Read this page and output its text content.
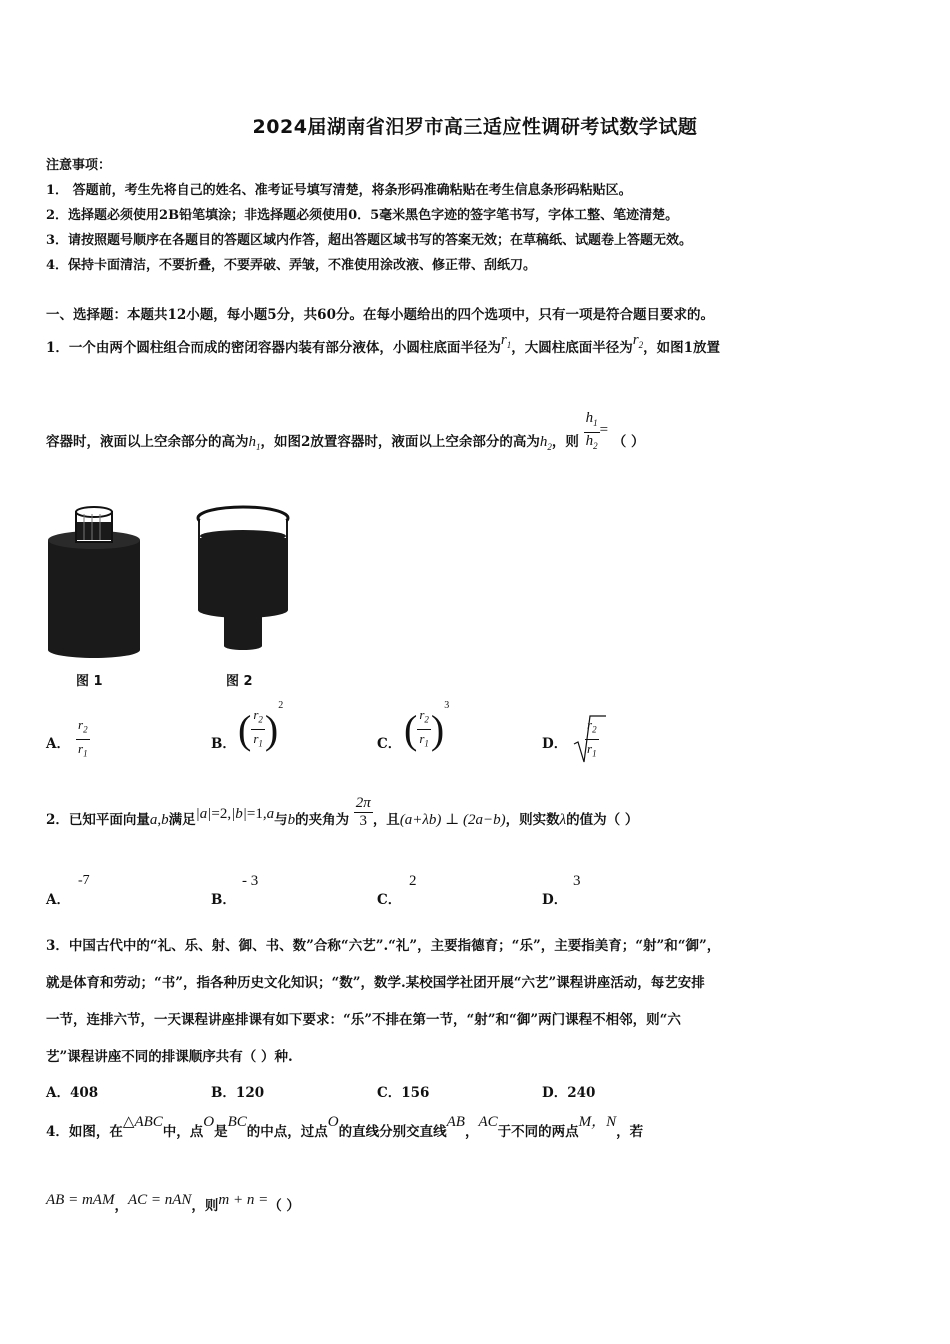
2024届湖南省汨罗市高三适应性调研考试数学试题
注意事项：
1． 答题前，考生先将自己的姓名、准考证号填写清楚，将条形码准确粘贴在考生信息条形码粘贴区。
2．选择题必须使用2B铅笔填涂；非选择题必须使用0．5毫米黑色字迹的签字笔书写，字体工整、笔迹清楚。
3．请按照题号顺序在各题目的答题区域内作答，超出答题区域书写的答案无效；在草稿纸、试题卷上答题无效。
4．保持卡面清洁，不要折叠，不要弄破、弄皱，不准使用涂改液、修正带、刮纸刀。
一、选择题：本题共12小题，每小题5分，共60分。在每小题给出的四个选项中，只有一项是符合题目要求的。
1．一个由两个圆柱组合而成的密闭容器内装有部分液体，小圆柱底面半径为$r_1$，大圆柱底面半径为$r_2$，如图1放置
容器时，液面以上空余部分的高为$h_1$，如图2放置容器时，液面以上空余部分的高为$h_2$，则 $\frac{h_1}{h_2}$ = （ ）
图 1	图 2
A． $\frac{r_2}{r_1}$	B． ( $\frac{r_2}{r_1} )^2$
C． ( $\frac{r_2}{r_1} )^3$
D． $\frac{r_2}{r_1}$
2．已知平面向量a,b满足|a|=2,|b|=1,a与b的夹角为 $\frac{2\pi}{3}$ ，且(a+λb) ⊥ (2a−b)，则实数λ的值为（ ）
A．
-7
B．
- 3
C．
2
D．
3
3．中国古代中的“礼、乐、射、御、书、数”合称“六艺”.“礼”，主要指德育；“乐”，主要指美育；“射”和“御”，
就是体育和劳动；“书”，指各种历史文化知识；“数”，数学.某校国学社团开展“六艺”课程讲座活动，每艺安排
一节，连排六节，一天课程讲座排课有如下要求：“乐”不排在第一节，“射”和“御”两门课程不相邻，则“六
艺”课程讲座不同的排课顺序共有（ ）种.
A．408	B．120	C．156	D．240
4．如图，在△ABC中，点O是BC的中点，过点O的直线分别交直线AB，AC于不同的两点M，N，若
AB = mAM，AC = nAN，则m + n =（ ）
